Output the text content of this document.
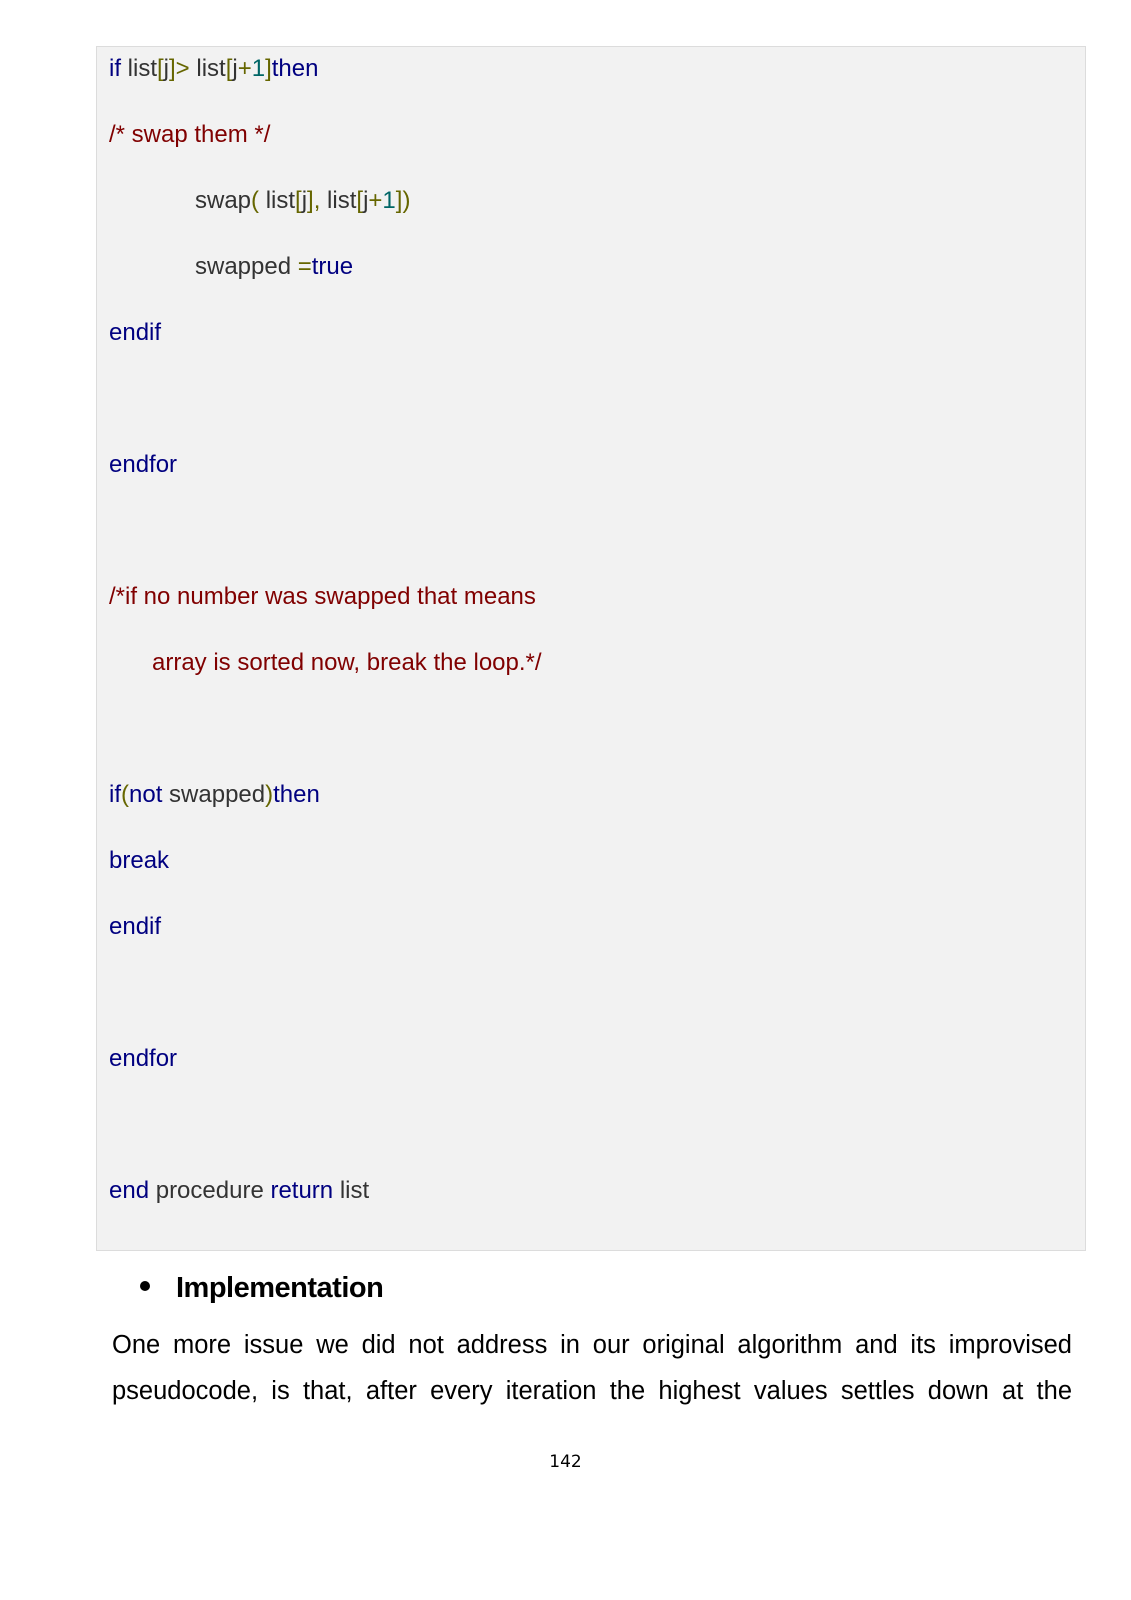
if list[j]> list[j+1]then
/* swap them */
swap( list[j], list[j+1])
swapped =true
endif
endfor
/*if no number was swapped that means
array is sorted now, break the loop.*/
if(not swapped)then
break
endif
endfor
end procedure return list
Implementation
One more issue we did not address in our original algorithm and its improvised
pseudocode, is that, after every iteration the highest values settles down at the
142
